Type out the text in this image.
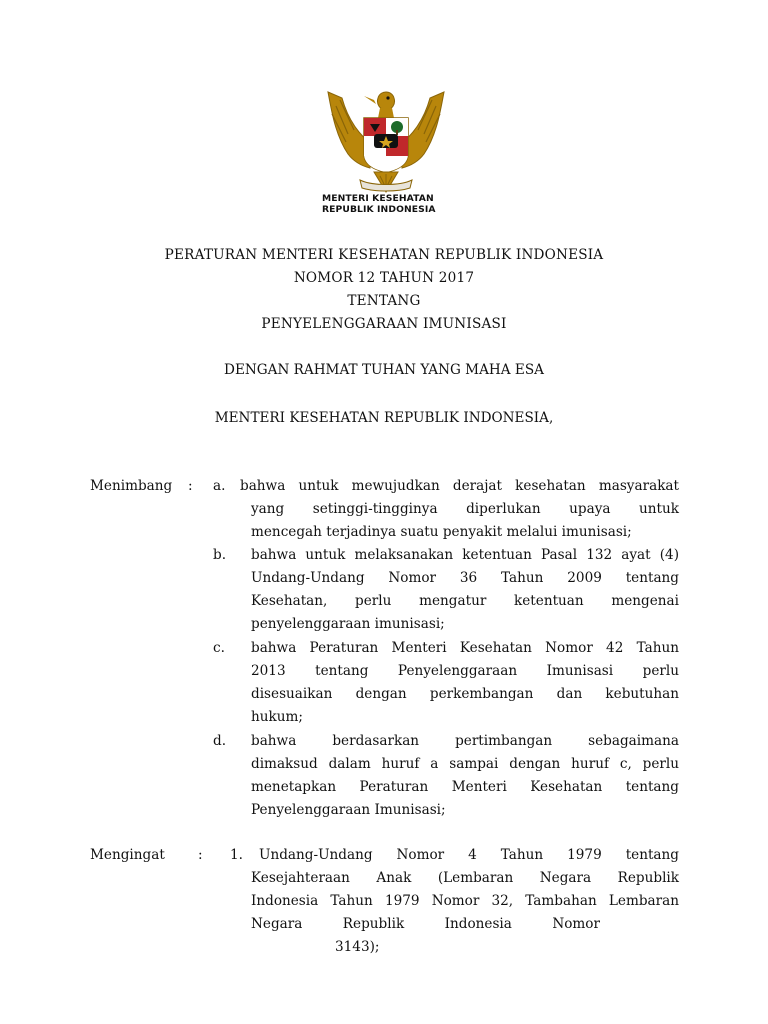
MENTERI KESEHATAN
REPUBLIK INDONESIA
PERATURAN MENTERI KESEHATAN REPUBLIK INDONESIA
NOMOR 12 TAHUN 2017
TENTANG
PENYELENGGARAAN IMUNISASI
DENGAN RAHMAT TUHAN YANG MAHA ESA
MENTERI KESEHATAN REPUBLIK INDONESIA,
Menimbang : a. bahwa untuk mewujudkan derajat kesehatan masyarakat
yang setinggi-tingginya diperlukan upaya untuk
mencegah terjadinya suatu penyakit melalui imunisasi;
b. bahwa untuk melaksanakan ketentuan Pasal 132 ayat (4)
Undang-Undang Nomor 36 Tahun 2009 tentang
Kesehatan, perlu mengatur ketentuan mengenai
penyelenggaraan imunisasi;
c. bahwa Peraturan Menteri Kesehatan Nomor 42 Tahun
2013 tentang Penyelenggaraan Imunisasi perlu
disesuaikan dengan perkembangan dan kebutuhan
hukum;
d. bahwa berdasarkan pertimbangan sebagaimana
dimaksud dalam huruf a sampai dengan huruf c, perlu
menetapkan Peraturan Menteri Kesehatan tentang
Penyelenggaraan Imunisasi;
Mengingat : 1.	Undang-Undang Nomor 4 Tahun 1979 tentang
Kesejahteraan Anak (Lembaran Negara Republik
Indonesia Tahun 1979 Nomor 32, Tambahan Lembaran
Negara Republik Indonesia Nomor
3143);
